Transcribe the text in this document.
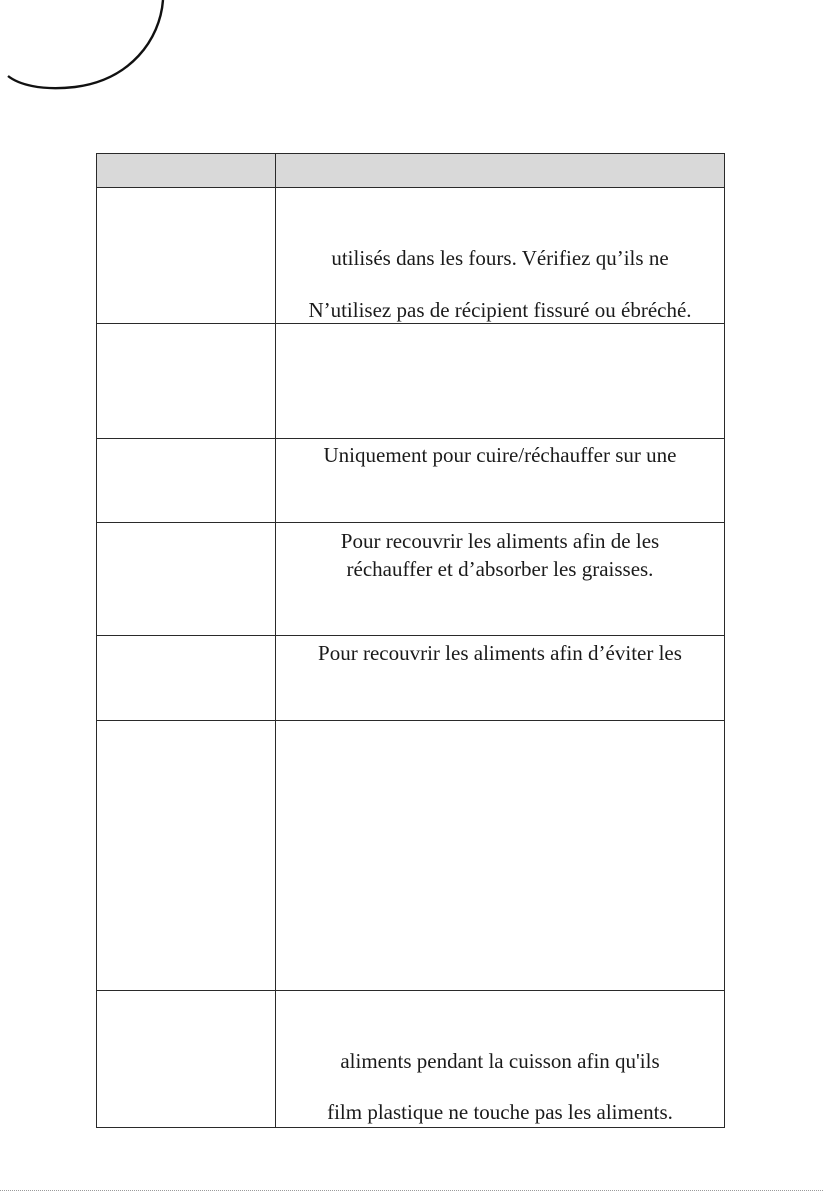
	utilisés dans les fours. Vérifiez qu’ils ne
N’utilisez pas de récipient fissuré ou ébréché.

	Uniquement pour cuire/réchauffer sur une

	Pour recouvrir les aliments afin de les
réchauffer et d’absorber les graisses.

	Pour recouvrir les aliments afin d’éviter les

	aliments pendant la cuisson afin qu'ils
film plastique ne touche pas les aliments.
